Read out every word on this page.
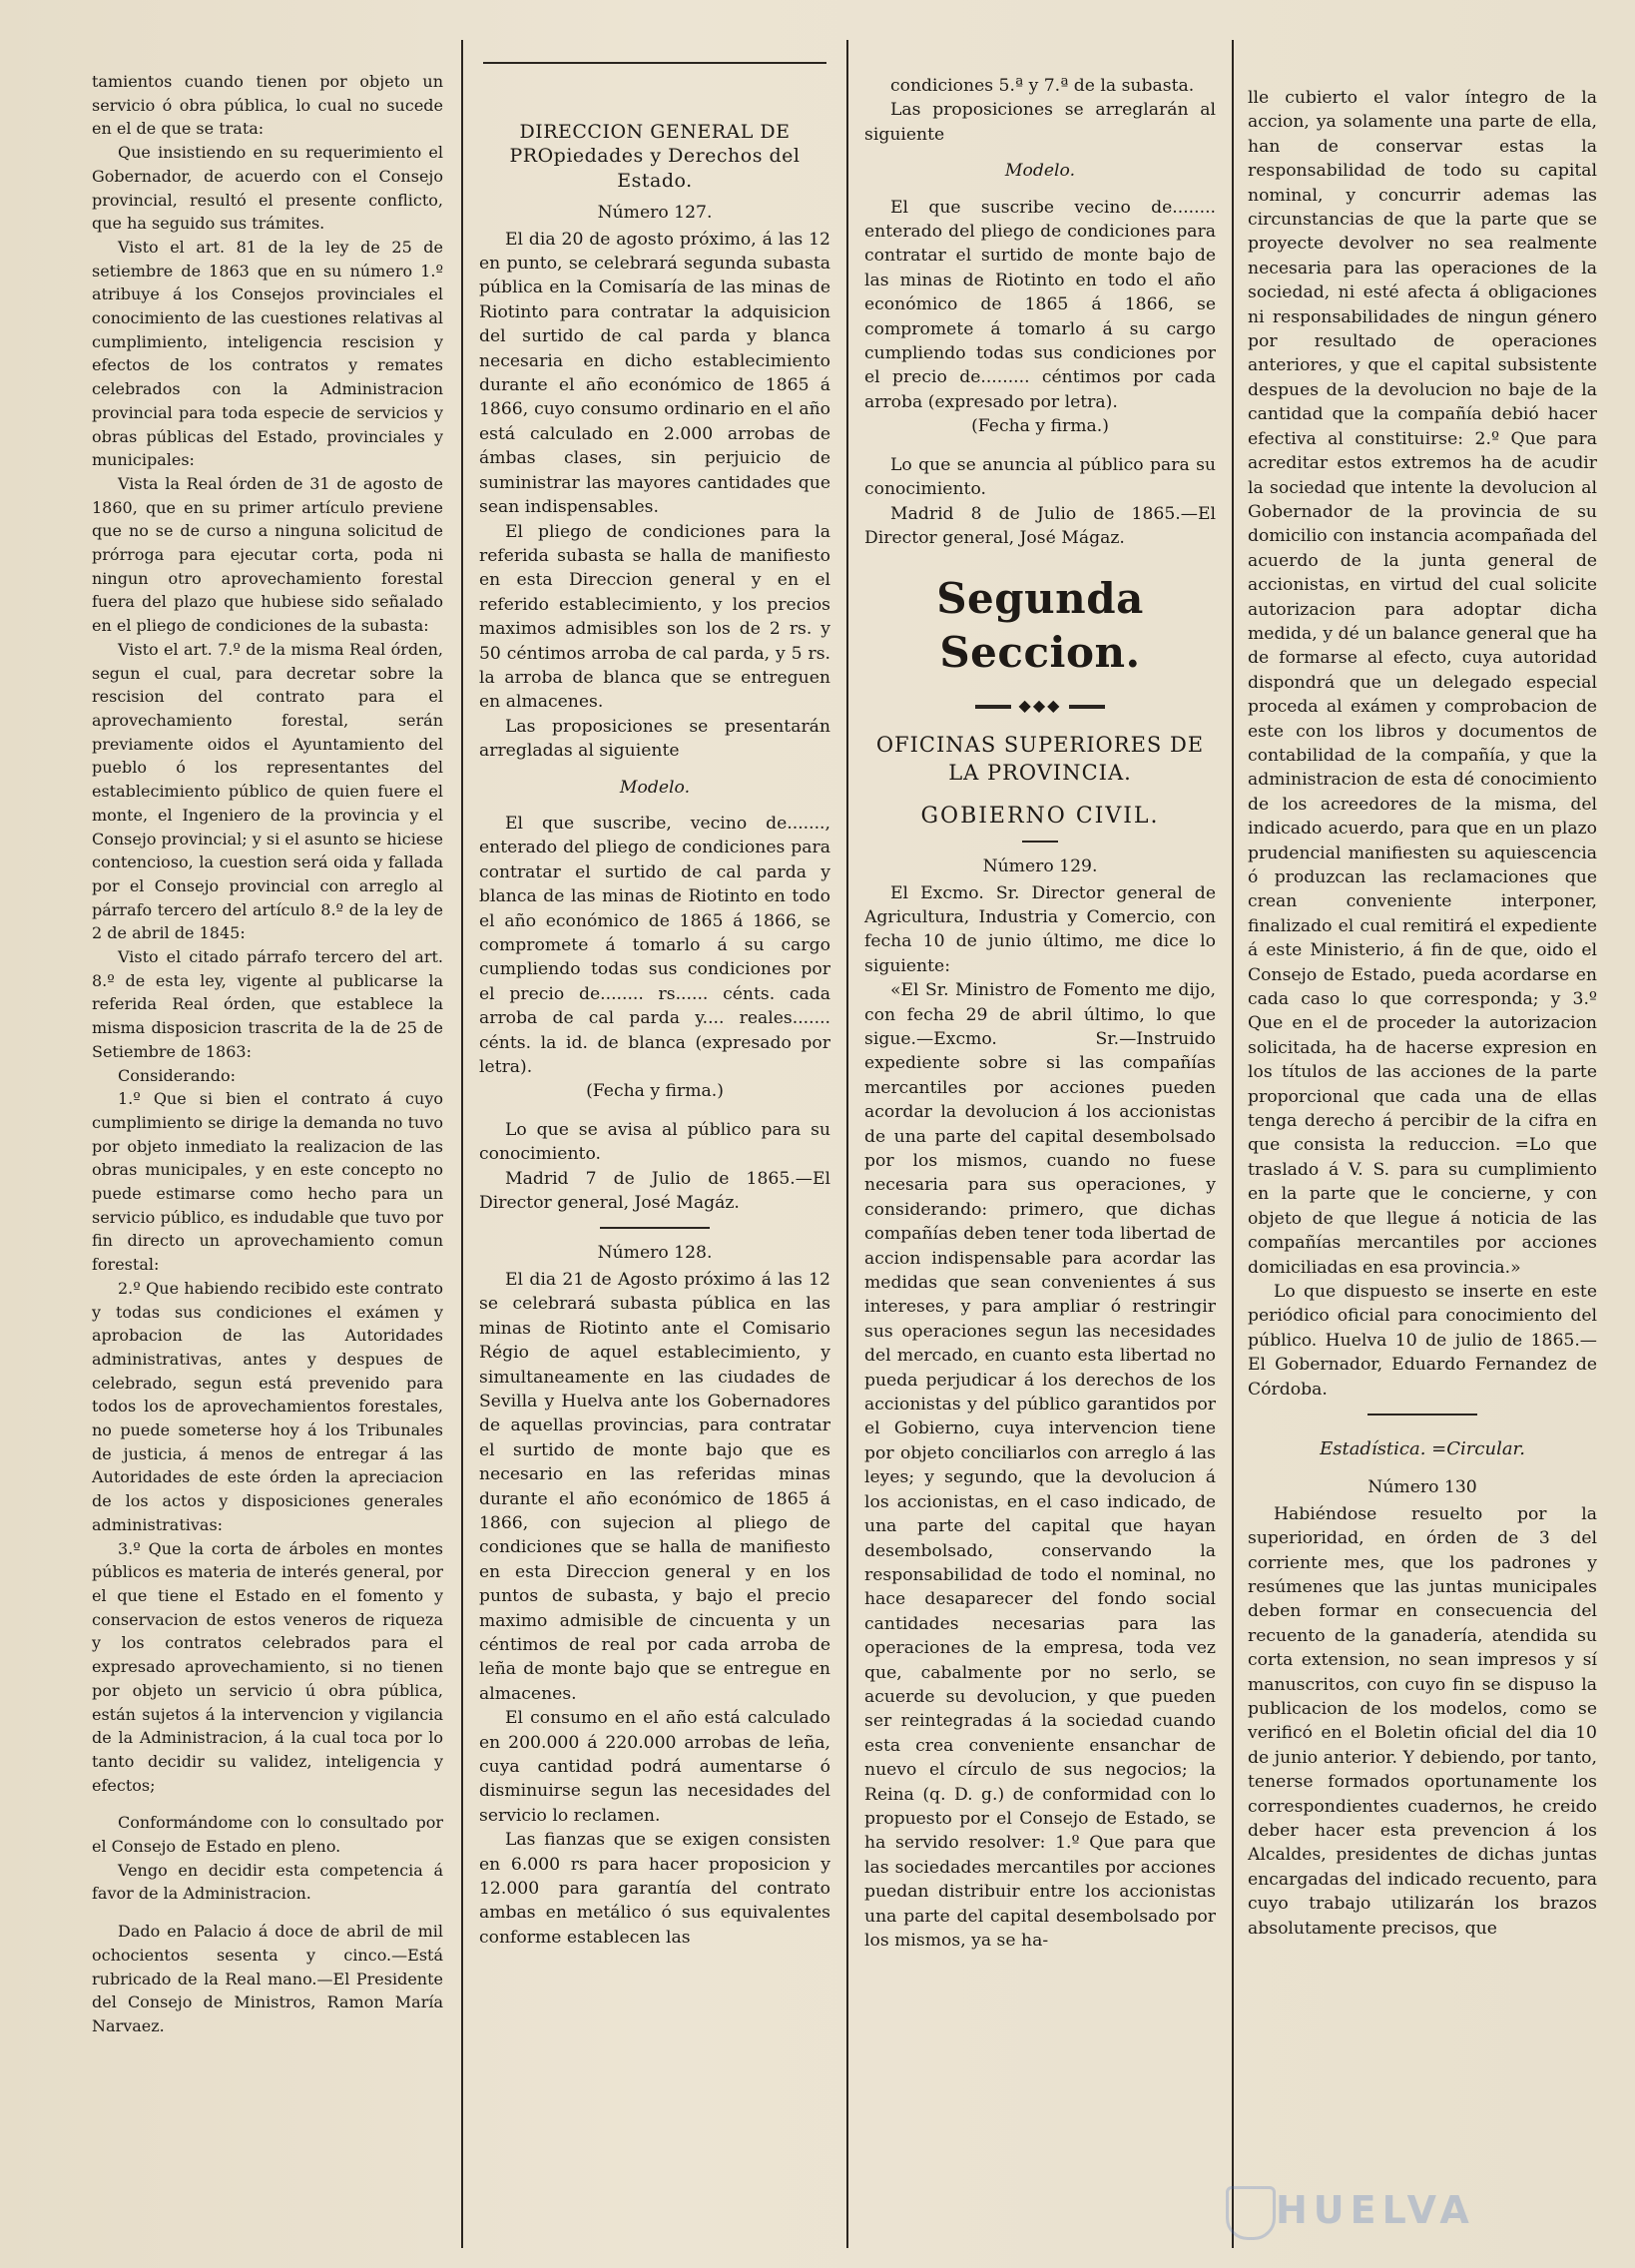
tamientos cuando tienen por objeto un servicio ó obra pública, lo cual no sucede en el de que se trata:

Que insistiendo en su requerimiento el Gobernador, de acuerdo con el Consejo provincial, resultó el presente conflicto, que ha seguido sus trámites.

Visto el art. 81 de la ley de 25 de setiembre de 1863 que en su número 1.º atribuye á los Consejos provinciales el conocimiento de las cuestiones relativas al cumplimiento, inteligencia rescision y efectos de los contratos y remates celebrados con la Administracion provincial para toda especie de servicios y obras públicas del Estado, provinciales y municipales:

Vista la Real órden de 31 de agosto de 1860, que en su primer artículo previene que no se de curso a ninguna solicitud de prórroga para ejecutar corta, poda ni ningun otro aprovechamiento forestal fuera del plazo que hubiese sido señalado en el pliego de condiciones de la subasta:

Visto el art. 7.º de la misma Real órden, segun el cual, para decretar sobre la rescision del contrato para el aprovechamiento forestal, serán previamente oidos el Ayuntamiento del pueblo ó los representantes del establecimiento público de quien fuere el monte, el Ingeniero de la provincia y el Consejo provincial; y si el asunto se hiciese contencioso, la cuestion será oida y fallada por el Consejo provincial con arreglo al párrafo tercero del artículo 8.º de la ley de 2 de abril de 1845:

Visto el citado párrafo tercero del art. 8.º de esta ley, vigente al publicarse la referida Real órden, que establece la misma disposicion trascrita de la de 25 de Setiembre de 1863:

Considerando:

1.º Que si bien el contrato á cuyo cumplimiento se dirige la demanda no tuvo por objeto inmediato la realizacion de las obras municipales, y en este concepto no puede estimarse como hecho para un servicio público, es indudable que tuvo por fin directo un aprovechamiento comun forestal:

2.º Que habiendo recibido este contrato y todas sus condiciones el exámen y aprobacion de las Autoridades administrativas, antes y despues de celebrado, segun está prevenido para todos los de aprovechamientos forestales, no puede someterse hoy á los Tribunales de justicia, á menos de entregar á las Autoridades de este órden la apreciacion de los actos y disposiciones generales administrativas:

3.º Que la corta de árboles en montes públicos es materia de interés general, por el que tiene el Estado en el fomento y conservacion de estos veneros de riqueza y los contratos celebrados para el expresado aprovechamiento, si no tienen por objeto un servicio ú obra pública, están sujetos á la intervencion y vigilancia de la Administracion, á la cual toca por lo tanto decidir su validez, inteligencia y efectos;

Conformándome con lo consultado por el Consejo de Estado en pleno.

Vengo en decidir esta competencia á favor de la Administracion.

Dado en Palacio á doce de abril de mil ochocientos sesenta y cinco.—Está rubricado de la Real mano.—El Presidente del Consejo de Ministros, Ramon María Narvaez.

DIRECCION GENERAL DE PROpiedades y Derechos del Estado.

Número 127.

El dia 20 de agosto próximo, á las 12 en punto, se celebrará segunda subasta pública en la Comisaría de las minas de Riotinto para contratar la adquisicion del surtido de cal parda y blanca necesaria en dicho establecimiento durante el año económico de 1865 á 1866, cuyo consumo ordinario en el año está calculado en 2.000 arrobas de ámbas clases, sin perjuicio de suministrar las mayores cantidades que sean indispensables.

El pliego de condiciones para la referida subasta se halla de manifiesto en esta Direccion general y en el referido establecimiento, y los precios maximos admisibles son los de 2 rs. y 50 céntimos arroba de cal parda, y 5 rs. la arroba de blanca que se entreguen en almacenes.

Las proposiciones se presentarán arregladas al siguiente

Modelo.

El que suscribe, vecino de......., enterado del pliego de condiciones para contratar el surtido de cal parda y blanca de las minas de Riotinto en todo el año económico de 1865 á 1866, se compromete á tomarlo á su cargo cumpliendo todas sus condiciones por el precio de........ rs...... cénts. cada arroba de cal parda y.... reales....... cénts. la id. de blanca (expresado por letra).

(Fecha y firma.)

Lo que se avisa al público para su conocimiento.

Madrid 7 de Julio de 1865.—El Director general, José Magáz.

Número 128.

El dia 21 de Agosto próximo á las 12 se celebrará subasta pública en las minas de Riotinto ante el Comisario Régio de aquel establecimiento, y simultaneamente en las ciudades de Sevilla y Huelva ante los Gobernadores de aquellas provincias, para contratar el surtido de monte bajo que es necesario en las referidas minas durante el año económico de 1865 á 1866, con sujecion al pliego de condiciones que se halla de manifiesto en esta Direccion general y en los puntos de subasta, y bajo el precio maximo admisible de cincuenta y un céntimos de real por cada arroba de leña de monte bajo que se entregue en almacenes.

El consumo en el año está calculado en 200.000 á 220.000 arrobas de leña, cuya cantidad podrá aumentarse ó disminuirse segun las necesidades del servicio lo reclamen.

Las fianzas que se exigen consisten en 6.000 rs para hacer proposicion y 12.000 para garantía del contrato ambas en metálico ó sus equivalentes conforme establecen las

condiciones 5.ª y 7.ª de la subasta.

Las proposiciones se arreglarán al siguiente

Modelo.

El que suscribe vecino de........ enterado del pliego de condiciones para contratar el surtido de monte bajo de las minas de Riotinto en todo el año económico de 1865 á 1866, se compromete á tomarlo á su cargo cumpliendo todas sus condiciones por el precio de......... céntimos por cada arroba (expresado por letra).

(Fecha y firma.)

Lo que se anuncia al público para su conocimiento.

Madrid 8 de Julio de 1865.—El Director general, José Mágaz.

Segunda Seccion.
◆◆◆

OFICINAS SUPERIORES DE LA PROVINCIA.

GOBIERNO CIVIL.

Número 129.

El Excmo. Sr. Director general de Agricultura, Industria y Comercio, con fecha 10 de junio último, me dice lo siguiente:

«El Sr. Ministro de Fomento me dijo, con fecha 29 de abril último, lo que sigue.—Excmo. Sr.—Instruido expediente sobre si las compañías mercantiles por acciones pueden acordar la devolucion á los accionistas de una parte del capital desembolsado por los mismos, cuando no fuese necesaria para sus operaciones, y considerando: primero, que dichas compañías deben tener toda libertad de accion indispensable para acordar las medidas que sean convenientes á sus intereses, y para ampliar ó restringir sus operaciones segun las necesidades del mercado, en cuanto esta libertad no pueda perjudicar á los derechos de los accionistas y del público garantidos por el Gobierno, cuya intervencion tiene por objeto conciliarlos con arreglo á las leyes; y segundo, que la devolucion á los accionistas, en el caso indicado, de una parte del capital que hayan desembolsado, conservando la responsabilidad de todo el nominal, no hace desaparecer del fondo social cantidades necesarias para las operaciones de la empresa, toda vez que, cabalmente por no serlo, se acuerde su devolucion, y que pueden ser reintegradas á la sociedad cuando esta crea conveniente ensanchar de nuevo el círculo de sus negocios; la Reina (q. D. g.) de conformidad con lo propuesto por el Consejo de Estado, se ha servido resolver: 1.º Que para que las sociedades mercantiles por acciones puedan distribuir entre los accionistas una parte del capital desembolsado por los mismos, ya se ha-

lle cubierto el valor íntegro de la accion, ya solamente una parte de ella, han de conservar estas la responsabilidad de todo su capital nominal, y concurrir ademas las circunstancias de que la parte que se proyecte devolver no sea realmente necesaria para las operaciones de la sociedad, ni esté afecta á obligaciones ni responsabilidades de ningun género por resultado de operaciones anteriores, y que el capital subsistente despues de la devolucion no baje de la cantidad que la compañía debió hacer efectiva al constituirse: 2.º Que para acreditar estos extremos ha de acudir la sociedad que intente la devolucion al Gobernador de la provincia de su domicilio con instancia acompañada del acuerdo de la junta general de accionistas, en virtud del cual solicite autorizacion para adoptar dicha medida, y dé un balance general que ha de formarse al efecto, cuya autoridad dispondrá que un delegado especial proceda al exámen y comprobacion de este con los libros y documentos de contabilidad de la compañía, y que la administracion de esta dé conocimiento de los acreedores de la misma, del indicado acuerdo, para que en un plazo prudencial manifiesten su aquiescencia ó produzcan las reclamaciones que crean conveniente interponer, finalizado el cual remitirá el expediente á este Ministerio, á fin de que, oido el Consejo de Estado, pueda acordarse en cada caso lo que corresponda; y 3.º Que en el de proceder la autorizacion solicitada, ha de hacerse expresion en los títulos de las acciones de la parte proporcional que cada una de ellas tenga derecho á percibir de la cifra en que consista la reduccion. =Lo que traslado á V. S. para su cumplimiento en la parte que le concierne, y con objeto de que llegue á noticia de las compañías mercantiles por acciones domiciliadas en esa provincia.»

Lo que dispuesto se inserte en este periódico oficial para conocimiento del público. Huelva 10 de julio de 1865.—El Gobernador, Eduardo Fernandez de Córdoba.

Estadística. =Circular.

Número 130

Habiéndose resuelto por la superioridad, en órden de 3 del corriente mes, que los padrones y resúmenes que las juntas municipales deben formar en consecuencia del recuento de la ganadería, atendida su corta extension, no sean impresos y sí manuscritos, con cuyo fin se dispuso la publicacion de los modelos, como se verificó en el Boletin oficial del dia 10 de junio anterior. Y debiendo, por tanto, tenerse formados oportunamente los correspondientes cuadernos, he creido deber hacer esta prevencion á los Alcaldes, presidentes de dichas juntas encargadas del indicado recuento, para cuyo trabajo utilizarán los brazos absolutamente precisos, que

HUELVA
